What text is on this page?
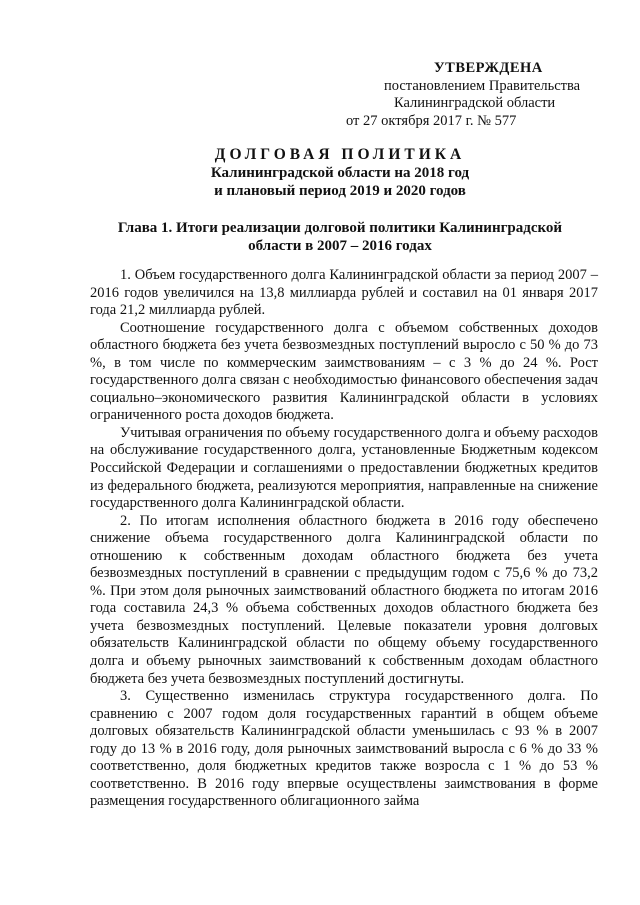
УТВЕРЖДЕНА
постановлением Правительства
Калининградской области
от 27 октября 2017 г. № 577
ДОЛГОВАЯ ПОЛИТИКА
Калининградской области на 2018 год
и плановый период 2019 и 2020 годов
Глава 1. Итоги реализации долговой политики Калининградской
области в 2007 – 2016 годах

1. Объем государственного долга Калининградской области за период 2007 – 2016 годов увеличился на 13,8 миллиарда рублей и составил на 01 января 2017 года 21,2 миллиарда рублей.

Соотношение государственного долга с объемом собственных доходов областного бюджета без учета безвозмездных поступлений выросло с 50 % до 73 %, в том числе по коммерческим заимствованиям – с 3 % до 24 %. Рост государственного долга связан с необходимостью финансового обеспечения задач социально–экономического развития Калининградской области в условиях ограниченного роста доходов бюджета.

Учитывая ограничения по объему государственного долга и объему расходов на обслуживание государственного долга, установленные Бюджетным кодексом Российской Федерации и соглашениями о предоставлении бюджетных кредитов из федерального бюджета, реализуются мероприятия, направленные на снижение государственного долга Калининградской области.

2. По итогам исполнения областного бюджета в 2016 году обеспечено снижение объема государственного долга Калининградской области по отношению к собственным доходам областного бюджета без учета безвозмездных поступлений в сравнении с предыдущим годом с 75,6 % до 73,2 %. При этом доля рыночных заимствований областного бюджета по итогам 2016 года составила 24,3 % объема собственных доходов областного бюджета без учета безвозмездных поступлений. Целевые показатели уровня долговых обязательств Калининградской области по общему объему государственного долга и объему рыночных заимствований к собственным доходам областного бюджета без учета безвозмездных поступлений достигнуты.

3. Существенно изменилась структура государственного долга. По сравнению с 2007 годом доля государственных гарантий в общем объеме долговых обязательств Калининградской области уменьшилась с 93 % в 2007 году до 13 % в 2016 году, доля рыночных заимствований выросла с 6 % до 33 % соответственно, доля бюджетных кредитов также возросла с 1 % до 53 % соответственно. В 2016 году впервые осуществлены заимствования в форме размещения государственного облигационного займа
